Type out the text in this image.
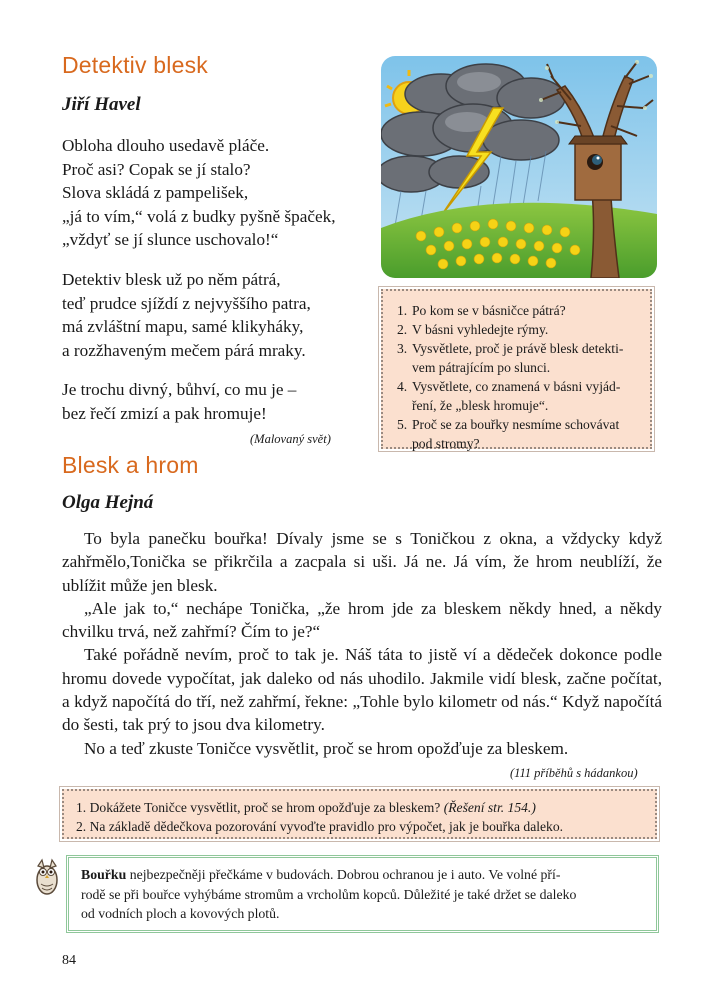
Detektiv blesk
Jiří Havel
Obloha dlouho usedavě pláče.
Proč asi? Copak se jí stalo?
Slova skládá z pampelišek,
„já to vím,“ volá z budky pyšně špaček,
„vždyť se jí slunce uschovalo!“
Detektiv blesk už po něm pátrá,
teď prudce sjíždí z nejvyššího patra,
má zvláštní mapu, samé klikyháky,
a rozžhaveným mečem párá mraky.
Je trochu divný, bůhví, co mu je –
bez řečí zmizí a pak hromuje!
(Malovaný svět)
1. Po kom se v básničce pátrá?
2. V básni vyhledejte rýmy.
3. Vysvětlete, proč je právě blesk detekti-
vem pátrajícím po slunci.
4. Vysvětlete, co znamená v básni vyjád-
ření, že „blesk hromuje“.
5. Proč se za bouřky nesmíme schovávat
pod stromy?
Blesk a hrom
Olga Hejná

To byla panečku bouřka! Dívaly jsme se s Toničkou z okna, a vždycky když zahřmělo,Tonička se přikrčila a zacpala si uši. Já ne. Já vím, že hrom neublíží, že ublížit může jen blesk.

„Ale jak to,“ nechápe Tonička, „že hrom jde za bleskem někdy hned, a někdy chvilku trvá, než zahřmí? Čím to je?“

Také pořádně nevím, proč to tak je. Náš táta to jistě ví a dědeček dokonce podle hromu dovede vypočítat, jak daleko od nás uhodilo. Jakmile vidí blesk, začne počítat, a když napočítá do tří, než zahřmí, řekne: „Tohle bylo kilometr od nás.“ Když napočítá do šesti, tak prý to jsou dva kilometry.

No a teď zkuste Toničce vysvětlit, proč se hrom opožďuje za bleskem.

(111 příběhů s hádankou)
1. Dokážete Toničce vysvětlit, proč se hrom opožďuje za bleskem? (Řešení str. 154.)
2. Na základě dědečkova pozorování vyvoďte pravidlo pro výpočet, jak je bouřka daleko.

Bouřku nejbezpečněji přečkáme v budovách. Dobrou ochranou je i auto. Ve volné pří-

rodě se při bouřce vyhýbáme stromům a vrcholům kopců. Důležité je také držet se daleko

od vodních ploch a kovových plotů.

84
